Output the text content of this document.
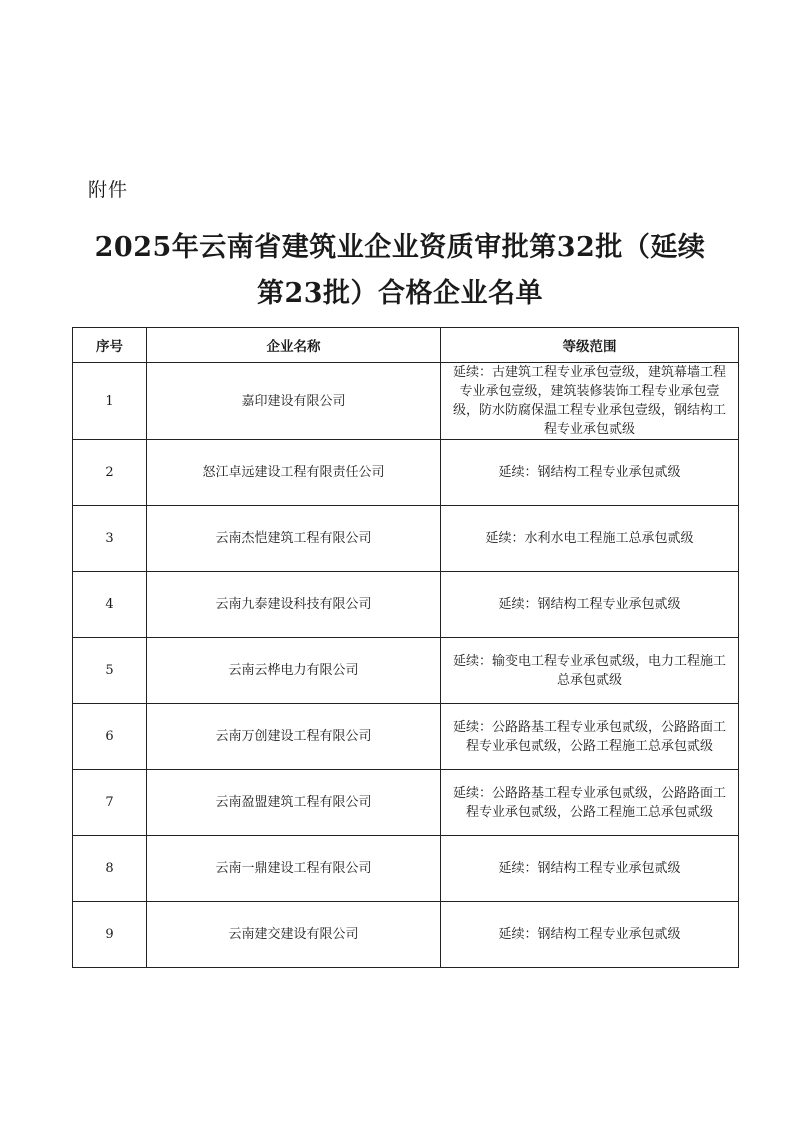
附件
2025年云南省建筑业企业资质审批第32批（延续
第23批）合格企业名单
序号	企业名称	等级范围
1	嘉印建设有限公司	延续：古建筑工程专业承包壹级，建筑幕墙工程专业承包壹级，建筑装修装饰工程专业承包壹级，防水防腐保温工程专业承包壹级，钢结构工程专业承包贰级
2	怒江卓远建设工程有限责任公司	延续：钢结构工程专业承包贰级
3	云南杰恺建筑工程有限公司	延续：水利水电工程施工总承包贰级
4	云南九泰建设科技有限公司	延续：钢结构工程专业承包贰级
5	云南云桦电力有限公司	延续：输变电工程专业承包贰级，电力工程施工总承包贰级
6	云南万创建设工程有限公司	延续：公路路基工程专业承包贰级，公路路面工程专业承包贰级，公路工程施工总承包贰级
7	云南盈盟建筑工程有限公司	延续：公路路基工程专业承包贰级，公路路面工程专业承包贰级，公路工程施工总承包贰级
8	云南一鼎建设工程有限公司	延续：钢结构工程专业承包贰级
9	云南建交建设有限公司	延续：钢结构工程专业承包贰级
